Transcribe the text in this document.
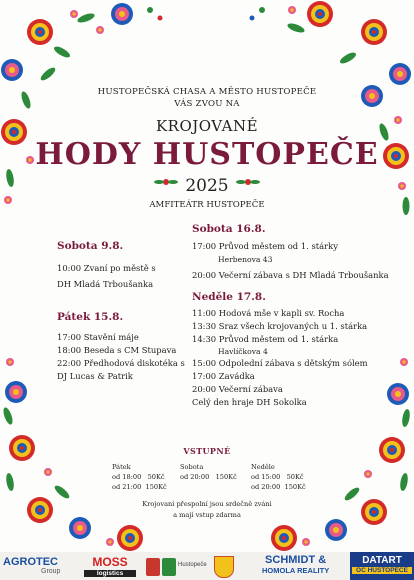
HUSTOPEČSKÁ CHASA A MĚSTO HUSTOPEČE
VÁS ZVOU NA
KROJOVANÉ
HODY HUSTOPEČE
2025
AMFITEÁTR HUSTOPEČE
Sobota 9.8.
10:00 Zvaní po městě s
DH Mladá Trboušanka
Pátek 15.8.
17:00 Stavění máje
18:00 Beseda s CM Stupava
22:00 Předhodová diskotéka s
DJ Lucas & Patrik
Sobota 16.8.
17:00 Průvod městem od 1. stárky
Herbenova 43
20:00 Večerní zábava s DH Mladá Trboušanka
Neděle 17.8.
11:00 Hodová mše v kapli sv. Rocha
13:30 Sraz všech krojovaných u 1. stárka
14:30 Průvod městem od 1. stárka
Havlíčkova 4
15:00 Odpolední zábava s dětským sólem
17:00 Zavádka
20:00 Večerní zábava
Celý den hraje DH Sokolka
VSTUPNÉ
Pátek
od 18:00 50Kč
od 21:00 150Kč
Sobota
od 20:00 150Kč
Neděle
od 15:00 50Kč
od 20:00 150Kč
Krojovaní přespolní jsou srdečně zváni
a mají vstup zdarma
AGROTEC
Group
MOSS
logistics
Hustopeče	SCHMIDT &
HOMOLA REALITY
DATART
OC HUSTOPEČE
